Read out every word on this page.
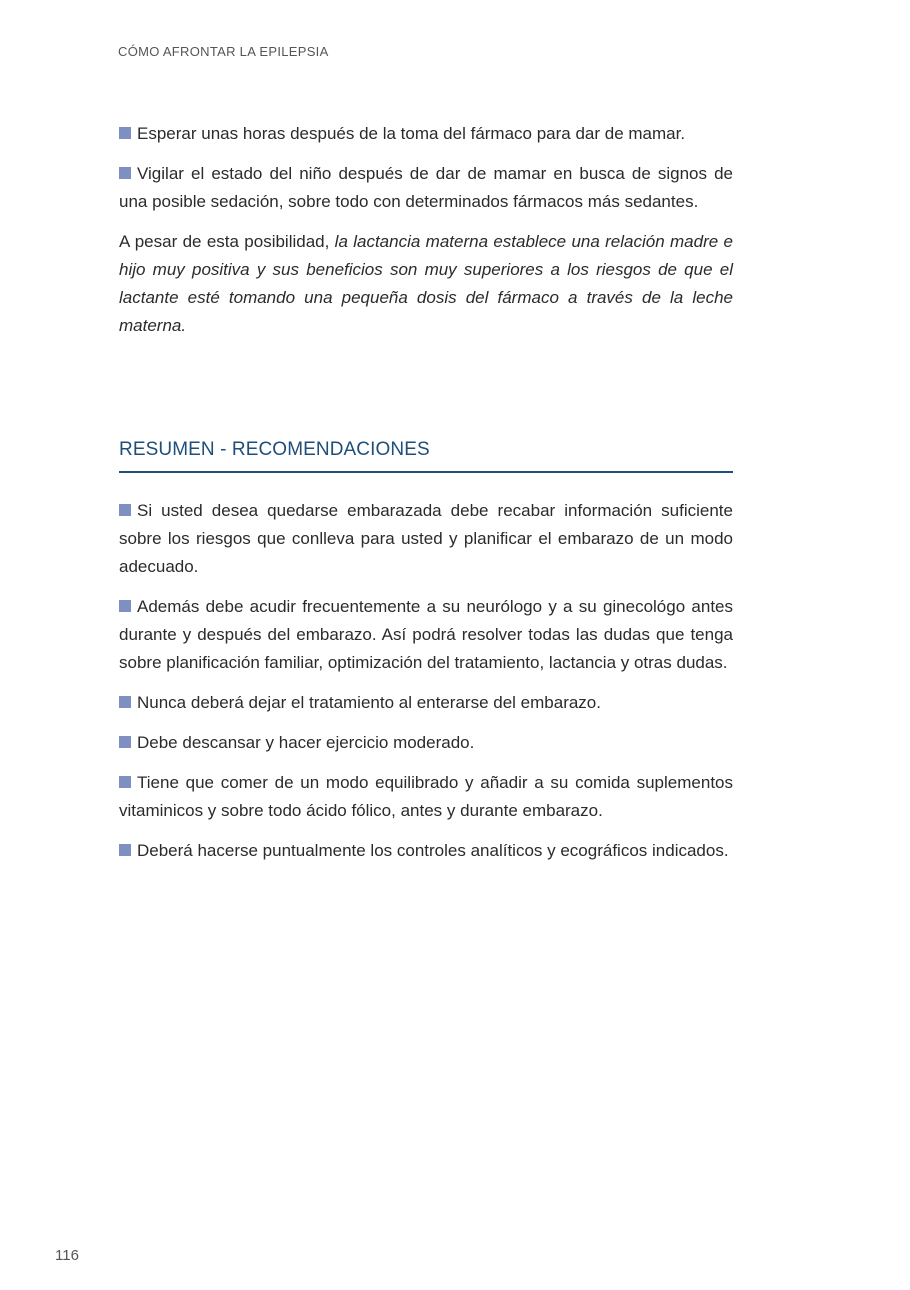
CÓMO AFRONTAR LA EPILEPSIA

Esperar unas horas después de la toma del fármaco para dar de mamar.

Vigilar el estado del niño después de dar de mamar en busca de signos de una posible sedación, sobre todo con determinados fármacos más sedantes.

A pesar de esta posibilidad, la lactancia materna establece una relación madre e hijo muy positiva y sus beneficios son muy superiores a los riesgos de que el lactante esté tomando una pequeña dosis del fármaco a través de la leche materna.

RESUMEN - RECOMENDACIONES

Si usted desea quedarse embarazada debe recabar información suficiente sobre los riesgos que conlleva para usted y planificar el embarazo de un modo adecuado.

Además debe acudir frecuentemente a su neurólogo y a su ginecológo antes durante y después del embarazo. Así podrá resolver todas las dudas que tenga sobre planificación familiar, optimización del tratamiento, lactancia y otras dudas.

Nunca deberá dejar el tratamiento al enterarse del embarazo.

Debe descansar y hacer ejercicio moderado.

Tiene que comer de un modo equilibrado y añadir a su comida suplementos vitaminicos y sobre todo ácido fólico, antes y durante embarazo.

Deberá hacerse puntualmente los controles analíticos y ecográficos indicados.

116
